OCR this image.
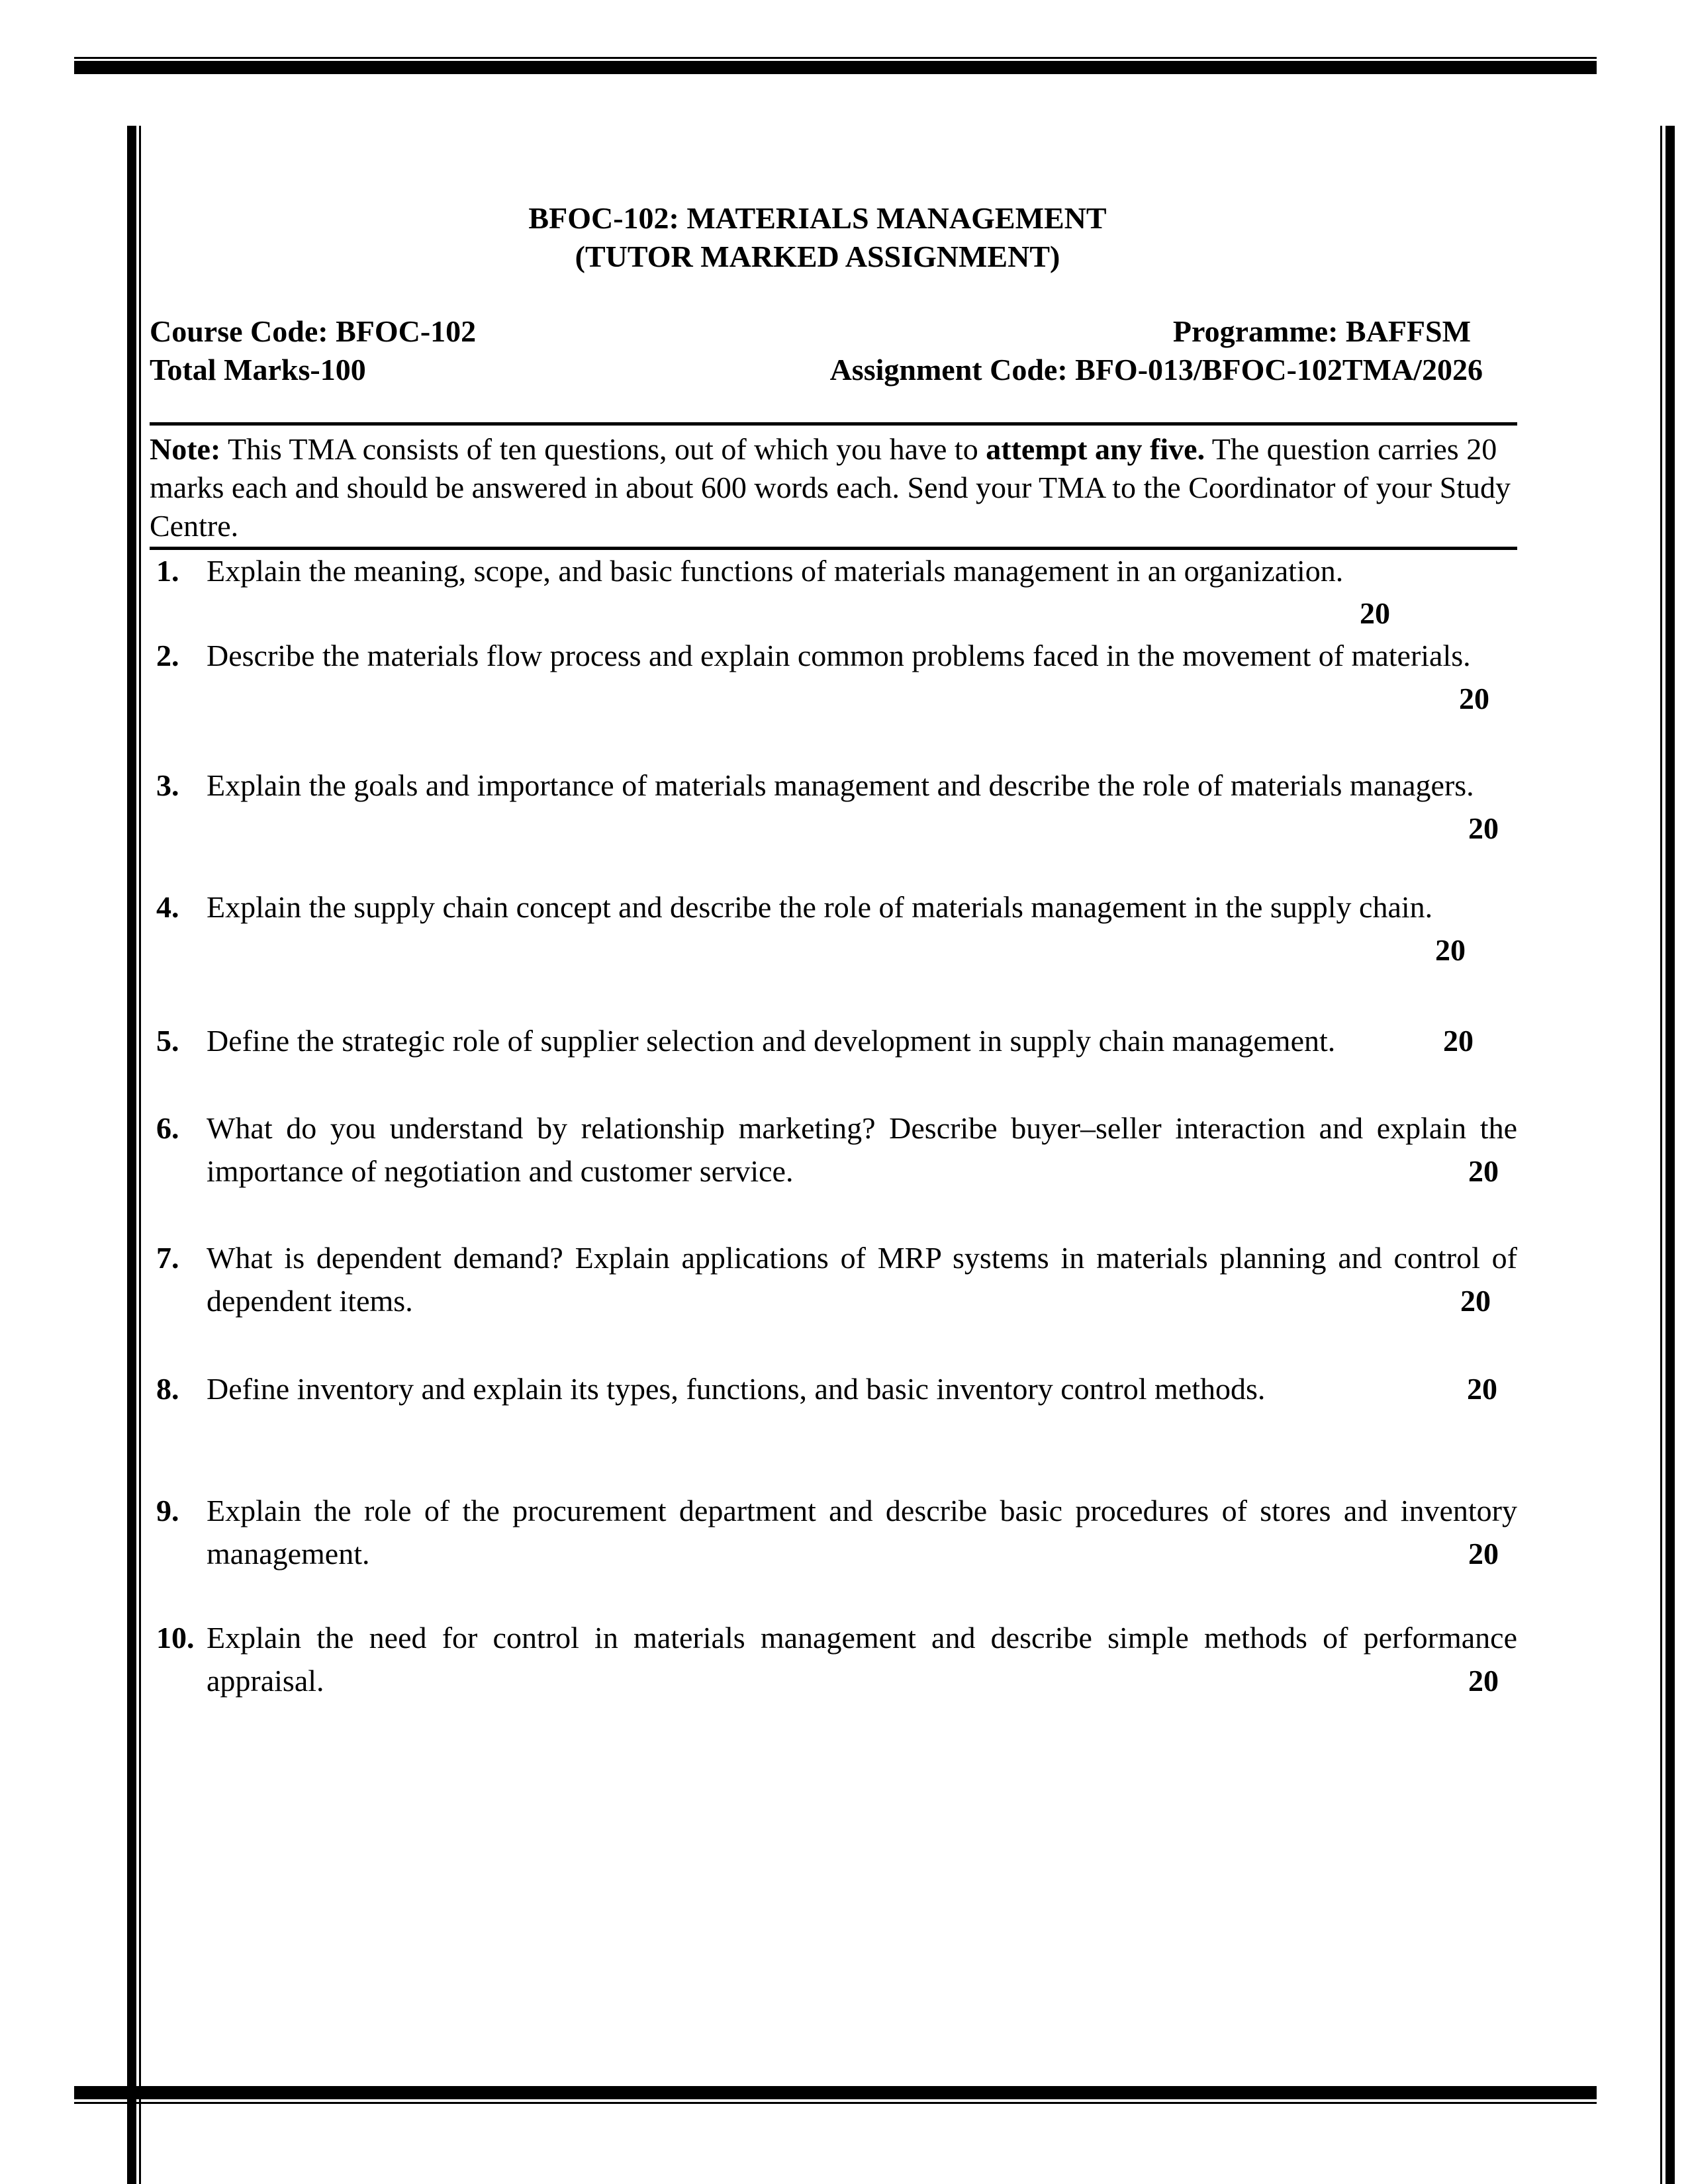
BFOC-102: MATERIALS MANAGEMENT
(TUTOR MARKED ASSIGNMENT)
Course Code: BFOC-102
Total Marks-100
Programme: BAFFSM
Assignment Code: BFO-013/BFOC-102TMA/2026
Note: This TMA consists of ten questions, out of which you have to attempt any five. The question carries 20 marks each and should be answered in about 600 words each. Send your TMA to the Coordinator of your Study Centre.
1. Explain the meaning, scope, and basic functions of materials management in an organization.
20
2. Describe the materials flow process and explain common problems faced in the movement of materials.
20
3. Explain the goals and importance of materials management and describe the role of materials managers.
20
4. Explain the supply chain concept and describe the role of materials management in the supply chain.
20
5. Define the strategic role of supplier selection and development in supply chain management.	20
6. What do you understand by relationship marketing? Describe buyer–seller interaction and explain the importance of negotiation and customer service.	20
7. What is dependent demand? Explain applications of MRP systems in materials planning and control of dependent items.	20
8. Define inventory and explain its types, functions, and basic inventory control methods.	20
9. Explain the role of the procurement department and describe basic procedures of stores and inventory management.	20
10. Explain the need for control in materials management and describe simple methods of performance appraisal.	20
